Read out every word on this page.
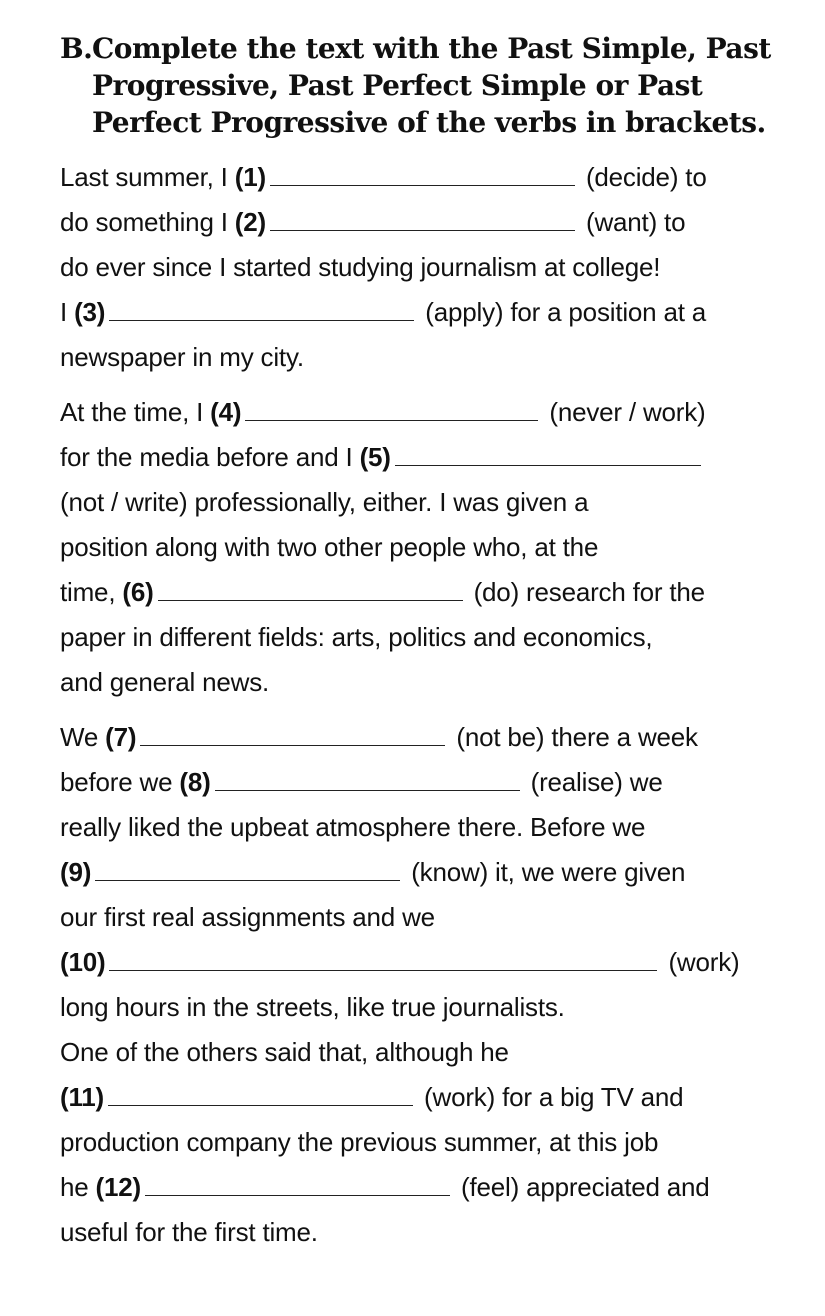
B.Complete the text with the Past Simple, Past Progressive, Past Perfect Simple or Past Perfect Progressive of the verbs in brackets.
Last summer, I (1)	(decide) to
do something I (2)	(want) to
do ever since I started studying journalism at college!
I (3)	(apply) for a position at a
newspaper in my city.
At the time, I (4)	(never / work)
for the media before and I (5)
(not / write) professionally, either. I was given a
position along with two other people who, at the
time, (6)	(do) research for the
paper in different fields: arts, politics and economics,
and general news.
We (7)	(not be) there a week
before we (8)	(realise) we
really liked the upbeat atmosphere there. Before we
(9)	(know) it, we were given
our first real assignments and we
(10)	(work)
long hours in the streets, like true journalists.
One of the others said that, although he
(11)	(work) for a big TV and
production company the previous summer, at this job
he (12)	(feel) appreciated and
useful for the first time.
